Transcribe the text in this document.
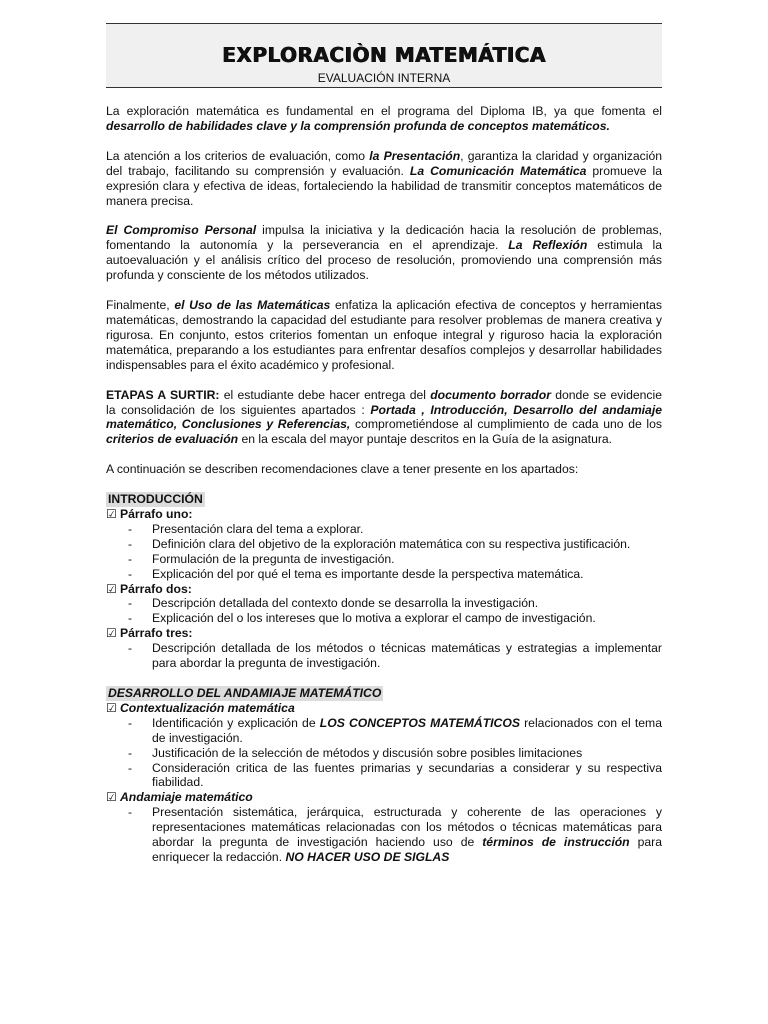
EXPLORACIÒN MATEMÁTICA
EVALUACIÓN INTERNA

La exploración matemática es fundamental en el programa del Diploma IB, ya que fomenta el desarrollo de habilidades clave y la comprensión profunda de conceptos matemáticos.

La atención a los criterios de evaluación, como la Presentación, garantiza la claridad y organización del trabajo, facilitando su comprensión y evaluación. La Comunicación Matemática promueve la expresión clara y efectiva de ideas, fortaleciendo la habilidad de transmitir conceptos matemáticos de manera precisa.

El Compromiso Personal impulsa la iniciativa y la dedicación hacia la resolución de problemas, fomentando la autonomía y la perseverancia en el aprendizaje. La Reflexión estimula la autoevaluación y el análisis crítico del proceso de resolución, promoviendo una comprensión más profunda y consciente de los métodos utilizados.

Finalmente, el Uso de las Matemáticas enfatiza la aplicación efectiva de conceptos y herramientas matemáticas, demostrando la capacidad del estudiante para resolver problemas de manera creativa y rigurosa. En conjunto, estos criterios fomentan un enfoque integral y riguroso hacia la exploración matemática, preparando a los estudiantes para enfrentar desafíos complejos y desarrollar habilidades indispensables para el éxito académico y profesional.

ETAPAS A SURTIR: el estudiante debe hacer entrega del documento borrador donde se evidencie la consolidación de los siguientes apartados : Portada , Introducción, Desarrollo del andamiaje matemático, Conclusiones y Referencias, comprometiéndose al cumplimiento de cada uno de los criterios de evaluación en la escala del mayor puntaje descritos en la Guía de la asignatura.

A continuación se describen recomendaciones clave a tener presente en los apartados:

INTRODUCCIÓN
☑ Párrafo uno:
-	Presentación clara del tema a explorar.
-	Definición clara del objetivo de la exploración matemática con su respectiva justificación.
-	Formulación de la pregunta de investigación.
-	Explicación del por qué el tema es importante desde la perspectiva matemática.
☑ Párrafo dos:
-	Descripción detallada del contexto donde se desarrolla la investigación.
-	Explicación del o los intereses que lo motiva a explorar el campo de investigación.
☑ Párrafo tres:
-	Descripción detallada de los métodos o técnicas matemáticas y estrategias a implementar para abordar la pregunta de investigación.
DESARROLLO DEL ANDAMIAJE MATEMÁTICO
☑ Contextualización matemática
-	Identificación y explicación de LOS CONCEPTOS MATEMÁTICOS relacionados con el tema de investigación.
-	Justificación de la selección de métodos y discusión sobre posibles limitaciones
-	Consideración critica de las fuentes primarias y secundarias a considerar y su respectiva fiabilidad.
☑ Andamiaje matemático
-	Presentación sistemática, jerárquica, estructurada y coherente de las operaciones y representaciones matemáticas relacionadas con los métodos o técnicas matemáticas para abordar la pregunta de investigación haciendo uso de términos de instrucción para enriquecer la redacción. NO HACER USO DE SIGLAS
